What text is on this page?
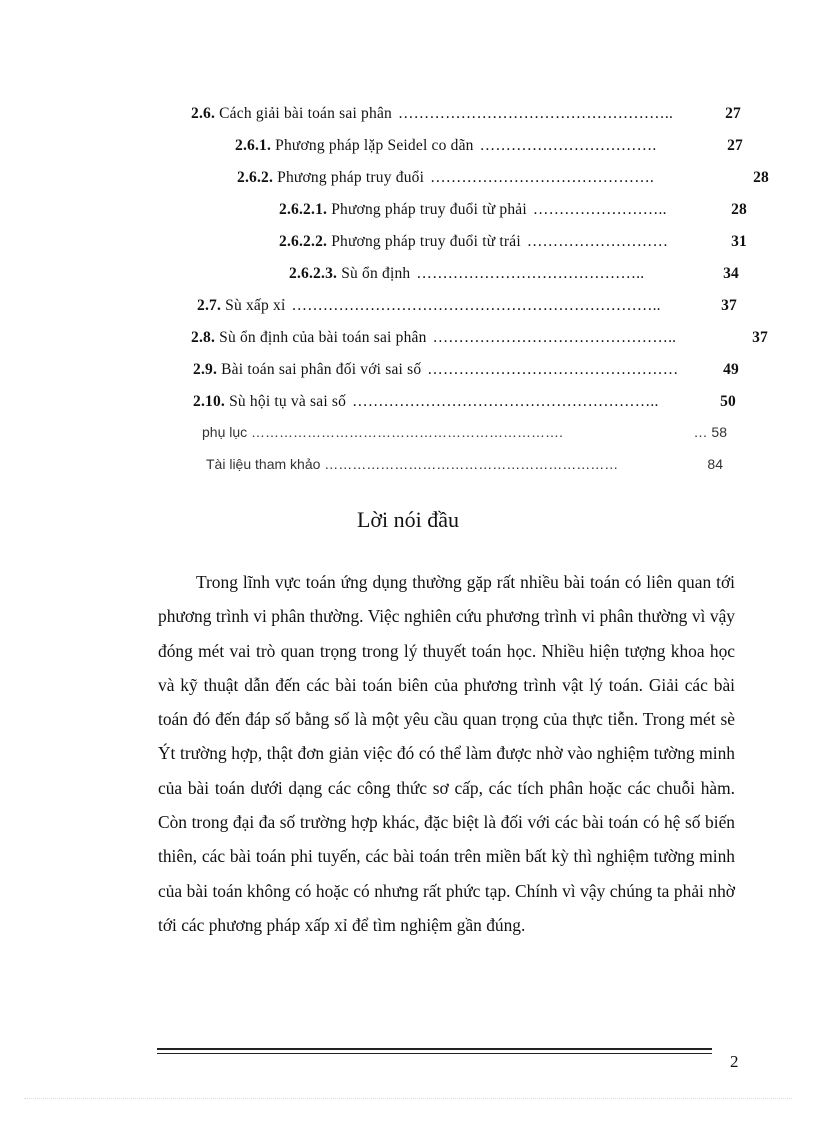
2.6. Cách giải bài toán sai phân ……………………………………………..	27
2.6.1. Phương pháp lặp Seidel co dãn …………………………….	27
2.6.2. Phương pháp truy đuổi …………………………………….	28
2.6.2.1. Phương pháp truy đuổi từ phải ……………………..	28
2.6.2.2. Phương pháp truy đuổi từ trái ………………………	31
2.6.2.3. Sù ổn định ……………………………………..	34
2.7. Sù xấp xỉ ……………………………………………………………..	37
2.8. Sù ổn định của bài toán sai phân ………………………………………..	37
2.9. Bài toán sai phân đối với sai số …………………………………………	49
2.10. Sù hội tụ và sai số …………………………………………………..	50
phụ lục ………………………………………………………….	… 58
Tài liệu tham khảo ………………………………………………………	84
Lời nói đầu
Trong lĩnh vực toán ứng dụng thường gặp rất nhiều bài toán có liên quan tới phương trình vi phân thường. Việc nghiên cứu phương trình vi phân thường vì vậy đóng mét vai trò quan trọng trong lý thuyết toán học. Nhiều hiện tượng khoa học và kỹ thuật dẫn đến các bài toán biên của phương trình vật lý toán. Giải các bài toán đó đến đáp số bằng số là một yêu cầu quan trọng của thực tiễn. Trong mét sè Ýt trường hợp, thật đơn giản việc đó có thể làm được nhờ vào nghiệm tường minh của bài toán dưới dạng các công thức sơ cấp, các tích phân hoặc các chuỗi hàm. Còn trong đại đa số trường hợp khác, đặc biệt là đối với các bài toán có hệ số biến thiên, các bài toán phi tuyến, các bài toán trên miền bất kỳ thì nghiệm tường minh của bài toán không có hoặc có nhưng rất phức tạp. Chính vì vậy chúng ta phải nhờ tới các phương pháp xấp xỉ để tìm nghiệm gần đúng.
2
